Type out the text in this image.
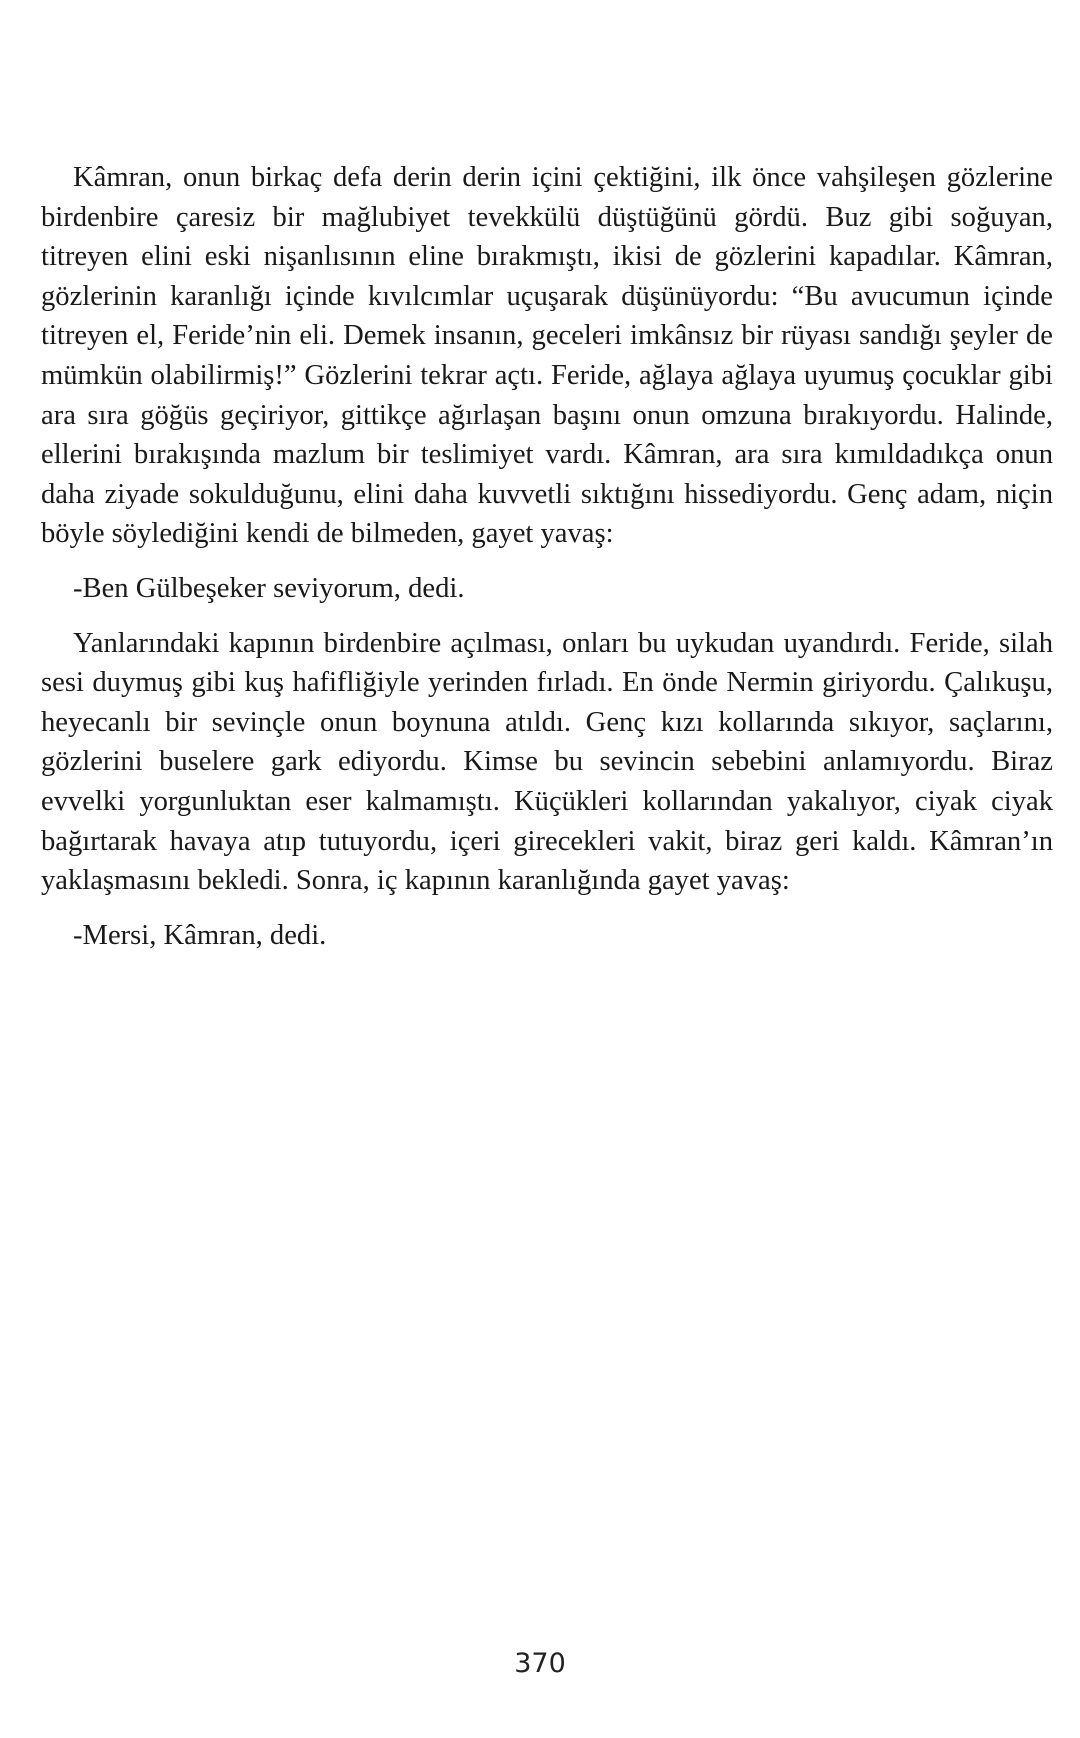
Kâmran, onun birkaç defa derin derin içini çektiğini, ilk önce vahşileşen gözlerine birdenbire çaresiz bir mağlubiyet tevekkülü düştüğünü gördü. Buz gibi soğuyan, titreyen elini eski nişanlısının eline bırakmıştı, ikisi de gözlerini kapadılar. Kâmran, gözlerinin karanlığı içinde kıvılcımlar uçuşarak düşünüyordu: “Bu avucumun içinde titreyen el, Feride’nin eli. Demek insanın, geceleri imkânsız bir rüyası sandığı şeyler de mümkün olabilirmiş!” Gözlerini tekrar açtı. Feride, ağlaya ağlaya uyumuş çocuklar gibi ara sıra göğüs geçiriyor, gittikçe ağırlaşan başını onun omzuna bırakıyordu. Halinde, ellerini bırakışında mazlum bir teslimiyet vardı. Kâmran, ara sıra kımıldadıkça onun daha ziyade sokulduğunu, elini daha kuvvetli sıktığını hissediyordu. Genç adam, niçin böyle söylediğini kendi de bilmeden, gayet yavaş:

-Ben Gülbeşeker seviyorum, dedi.

Yanlarındaki kapının birdenbire açılması, onları bu uykudan uyandırdı. Feride, silah sesi duymuş gibi kuş hafifliğiyle yerinden fırladı. En önde Nermin giriyordu. Çalıkuşu, heyecanlı bir sevinçle onun boynuna atıldı. Genç kızı kollarında sıkıyor, saçlarını, gözlerini buselere gark ediyordu. Kimse bu sevincin sebebini anlamıyordu. Biraz evvelki yorgunluktan eser kalmamıştı. Küçükleri kollarından yakalıyor, ciyak ciyak bağırtarak havaya atıp tutuyordu, içeri girecekleri vakit, biraz geri kaldı. Kâmran’ın yaklaşmasını bekledi. Sonra, iç kapının karanlığında gayet yavaş:

-Mersi, Kâmran, dedi.

370
